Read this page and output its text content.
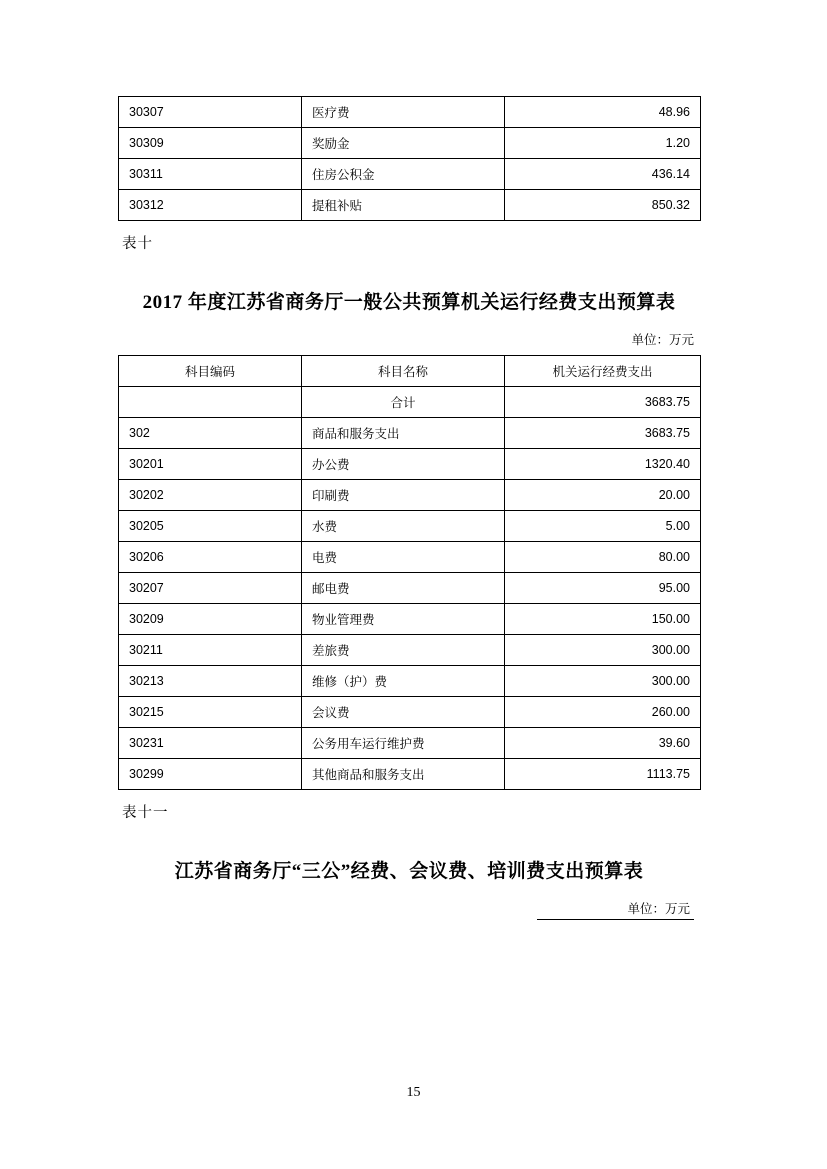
30307	医疗费	48.96
30309	奖励金	1.20
30311	住房公积金	436.14
30312	提租补贴	850.32
表十
2017 年度江苏省商务厅一般公共预算机关运行经费支出预算表
单位：万元
科目编码	科目名称	机关运行经费支出
	合计	3683.75
302	商品和服务支出	3683.75
30201	办公费	1320.40
30202	印刷费	20.00
30205	水费	5.00
30206	电费	80.00
30207	邮电费	95.00
30209	物业管理费	150.00
30211	差旅费	300.00
30213	维修（护）费	300.00
30215	会议费	260.00
30231	公务用车运行维护费	39.60
30299	其他商品和服务支出	1113.75
表十一
江苏省商务厅“三公”经费、会议费、培训费支出预算表
单位：万元
15
